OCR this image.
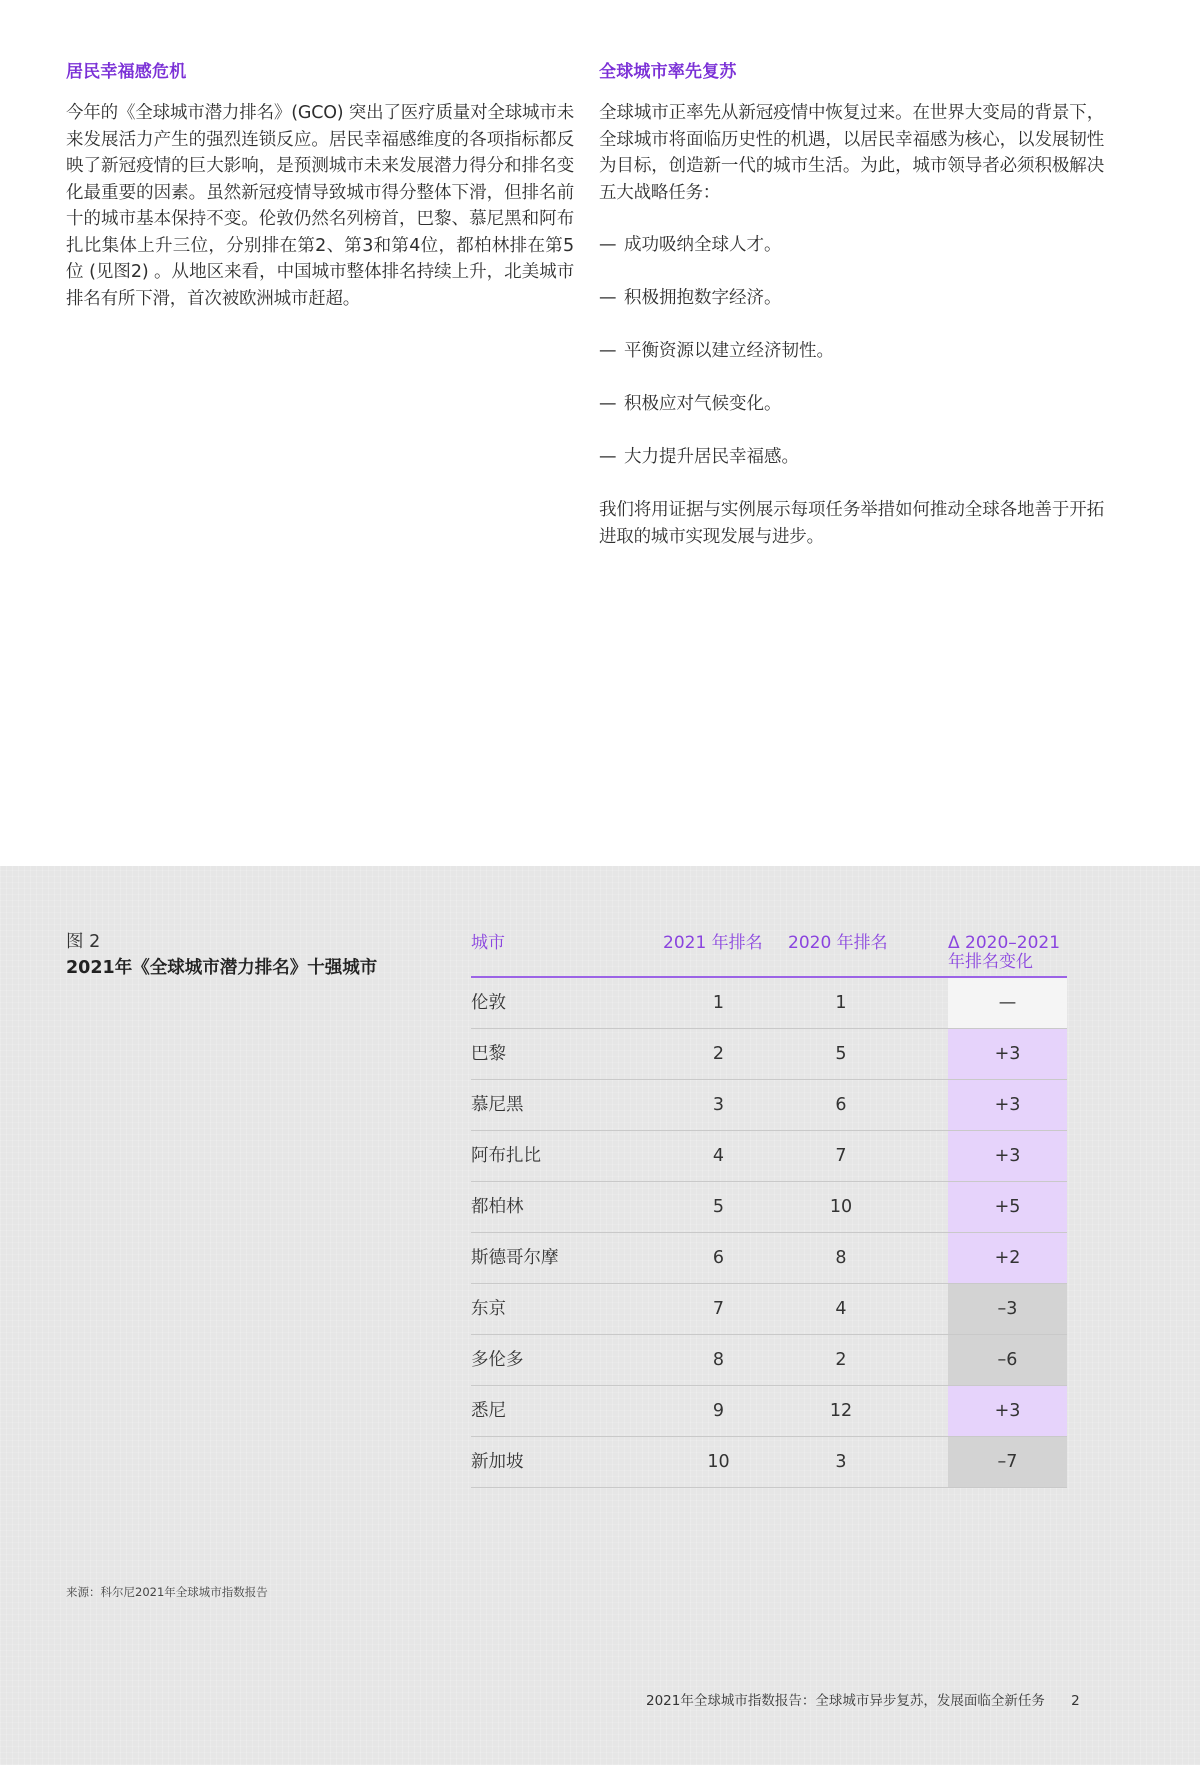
居民幸福感危机

今年的《全球城市潜力排名》(GCO) 突出了医疗质量对全球城市未来发展活力产生的强烈连锁反应。居民幸福感维度的各项指标都反映了新冠疫情的巨大影响，是预测城市未来发展潜力得分和排名变化最重要的因素。虽然新冠疫情导致城市得分整体下滑，但排名前十的城市基本保持不变。伦敦仍然名列榜首，巴黎、慕尼黑和阿布扎比集体上升三位，分别排在第2、第3和第4位，都柏林排在第5位 (见图2) 。从地区来看，中国城市整体排名持续上升，北美城市排名有所下滑，首次被欧洲城市赶超。

全球城市率先复苏

全球城市正率先从新冠疫情中恢复过来。在世界大变局的背景下，全球城市将面临历史性的机遇，以居民幸福感为核心，以发展韧性为目标，创造新一代的城市生活。为此，城市领导者必须积极解决五大战略任务：

— 成功吸纳全球人才。
— 积极拥抱数字经济。
— 平衡资源以建立经济韧性。
— 积极应对气候变化。
— 大力提升居民幸福感。

我们将用证据与实例展示每项任务举措如何推动全球各地善于开拓进取的城市实现发展与进步。

图 2
2021年《全球城市潜力排名》十强城市
城市	2021 年排名	2020 年排名	Δ 2020–2021
年排名变化
伦敦	1	1	—
巴黎	2	5	+3
慕尼黑	3	6	+3
阿布扎比	4	7	+3
都柏林	5	10	+5
斯德哥尔摩	6	8	+2
东京	7	4	–3
多伦多	8	2	–6
悉尼	9	12	+3
新加坡	10	3	–7
来源：科尔尼2021年全球城市指数报告
2021年全球城市指数报告：全球城市异步复苏，发展面临全新任务 2
